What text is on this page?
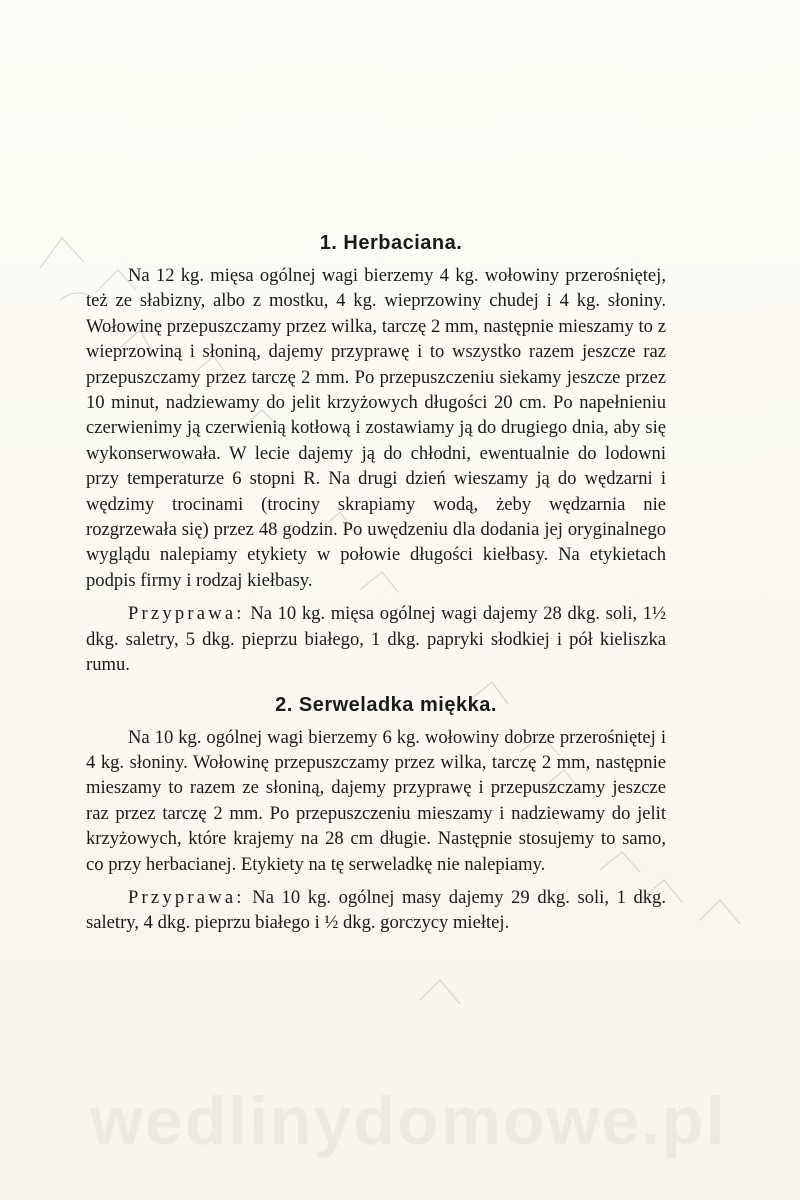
1. Herbaciana.

Na 12 kg. mięsa ogólnej wagi bierzemy 4 kg. wołowiny przerośniętej, też ze słabizny, albo z mostku, 4 kg. wieprzowiny chudej i 4 kg. słoniny. Wołowinę przepuszczamy przez wilka, tarczę 2 mm, następnie mieszamy to z wieprzowiną i słoniną, dajemy przyprawę i to wszystko razem jeszcze raz przepuszczamy przez tarczę 2 mm. Po przepuszczeniu siekamy jeszcze przez 10 minut, nadziewamy do jelit krzyżowych długości 20 cm. Po napełnieniu czerwienimy ją czerwienią kotłową i zostawiamy ją do drugiego dnia, aby się wykonserwowała. W lecie dajemy ją do chłodni, ewentualnie do lodowni przy temperaturze 6 stopni R. Na drugi dzień wieszamy ją do wędzarni i wędzimy trocinami (trociny skrapiamy wodą, żeby wędzarnia nie rozgrzewała się) przez 48 godzin. Po uwędzeniu dla dodania jej oryginalnego wyglądu nalepiamy etykiety w połowie długości kiełbasy. Na etykietach podpis firmy i rodzaj kiełbasy.

Przyprawa: Na 10 kg. mięsa ogólnej wagi dajemy 28 dkg. soli, 1½ dkg. saletry, 5 dkg. pieprzu białego, 1 dkg. papryki słodkiej i pół kieliszka rumu.

2. Serweladka miękka.

Na 10 kg. ogólnej wagi bierzemy 6 kg. wołowiny dobrze przerośniętej i 4 kg. słoniny. Wołowinę przepuszczamy przez wilka, tarczę 2 mm, następnie mieszamy to razem ze słoniną, dajemy przyprawę i przepuszczamy jeszcze raz przez tarczę 2 mm. Po przepuszczeniu mieszamy i nadziewamy do jelit krzyżowych, które krajemy na 28 cm długie. Następnie stosujemy to samo, co przy herbacianej. Etykiety na tę serweladkę nie nalepiamy.

Przyprawa: Na 10 kg. ogólnej masy dajemy 29 dkg. soli, 1 dkg. saletry, 4 dkg. pieprzu białego i ½ dkg. gorczycy miełtej.
